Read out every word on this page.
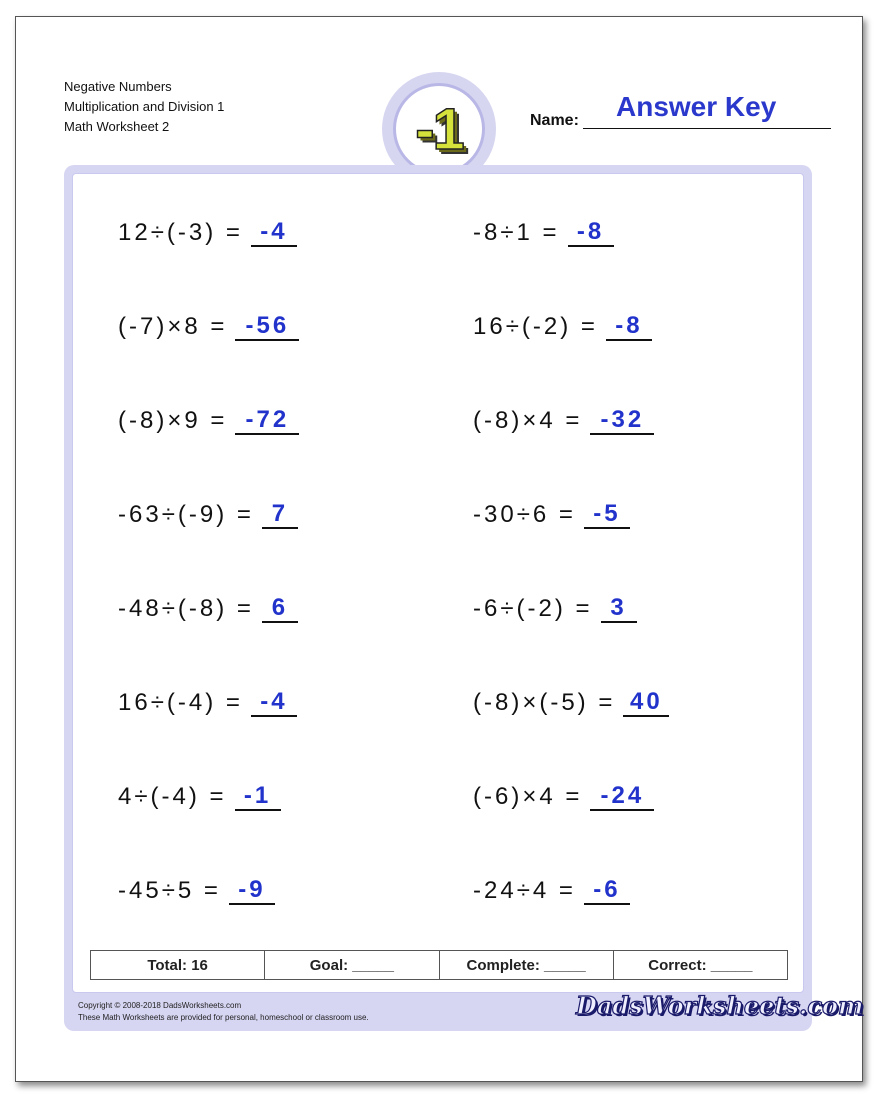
Negative Numbers
Multiplication and Division 1
Math Worksheet 2	-1	Name: Answer Key
12÷(-3) = -4
(-7)×8 = -56
(-8)×9 = -72
-63÷(-9) = 7
-48÷(-8) = 6
16÷(-4) = -4
4÷(-4) = -1
-45÷5 = -9
-8÷1 = -8
16÷(-2) = -8
(-8)×4 = -32
-30÷6 = -5
-6÷(-2) = 3
(-8)×(-5) = 40
(-6)×4 = -24
-24÷4 = -6
Total: 16	Goal: _____	Complete: _____	Correct: _____
Copyright © 2008-2018 DadsWorksheets.com
These Math Worksheets are provided for personal, homeschool or classroom use.	DadsWorksheets.com
